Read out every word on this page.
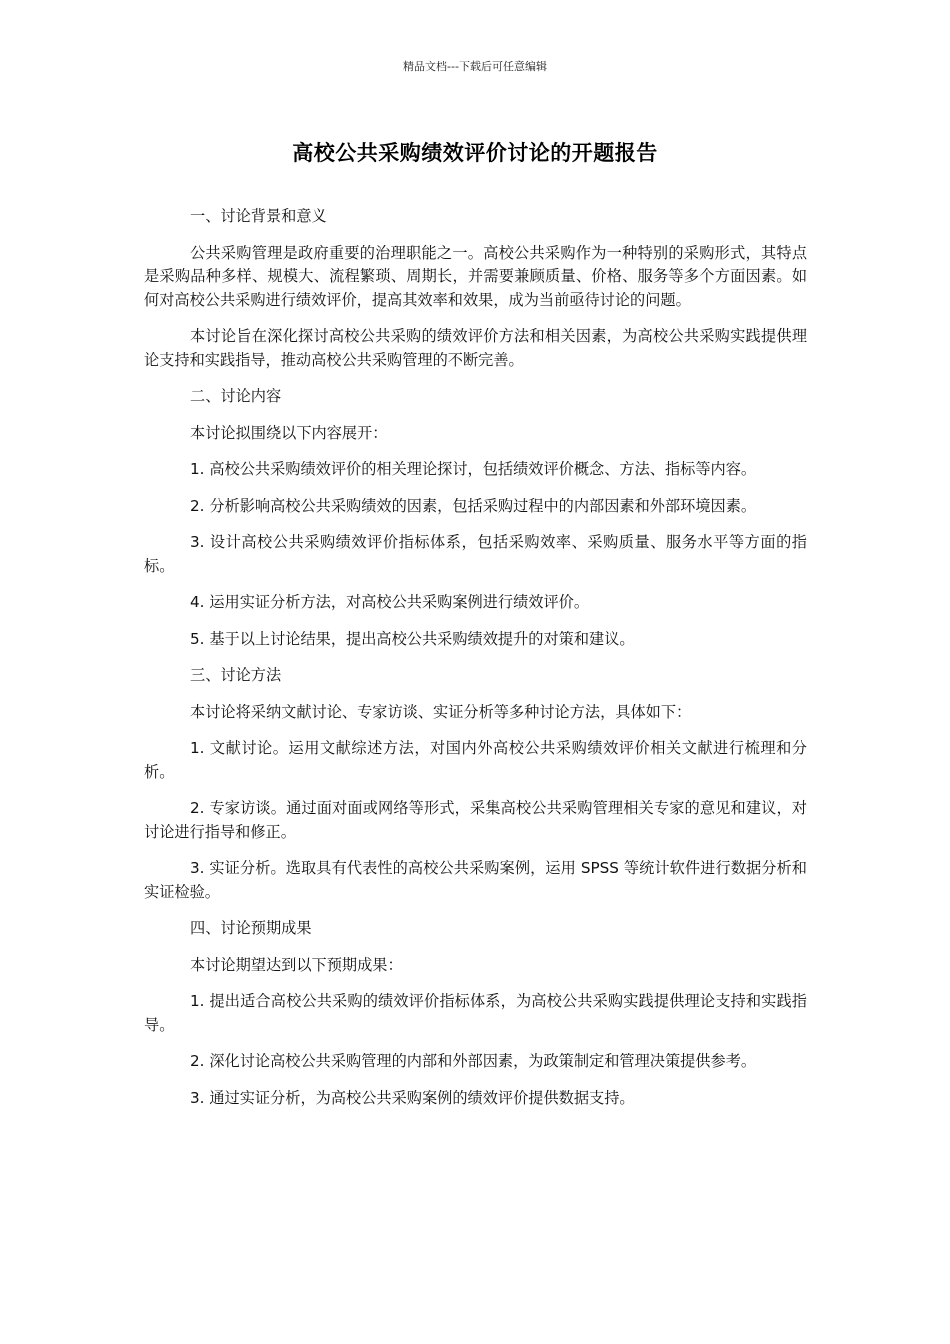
精品文档---下载后可任意编辑
高校公共采购绩效评价讨论的开题报告

一、讨论背景和意义

公共采购管理是政府重要的治理职能之一。高校公共采购作为一种特别的采购形式，其特点是采购品种多样、规模大、流程繁琐、周期长，并需要兼顾质量、价格、服务等多个方面因素。如何对高校公共采购进行绩效评价，提高其效率和效果，成为当前亟待讨论的问题。

本讨论旨在深化探讨高校公共采购的绩效评价方法和相关因素，为高校公共采购实践提供理论支持和实践指导，推动高校公共采购管理的不断完善。

二、讨论内容

本讨论拟围绕以下内容展开：

1. 高校公共采购绩效评价的相关理论探讨，包括绩效评价概念、方法、指标等内容。

2. 分析影响高校公共采购绩效的因素，包括采购过程中的内部因素和外部环境因素。

3. 设计高校公共采购绩效评价指标体系，包括采购效率、采购质量、服务水平等方面的指标。

4. 运用实证分析方法，对高校公共采购案例进行绩效评价。

5. 基于以上讨论结果，提出高校公共采购绩效提升的对策和建议。

三、讨论方法

本讨论将采纳文献讨论、专家访谈、实证分析等多种讨论方法，具体如下：

1. 文献讨论。运用文献综述方法，对国内外高校公共采购绩效评价相关文献进行梳理和分析。

2. 专家访谈。通过面对面或网络等形式，采集高校公共采购管理相关专家的意见和建议，对讨论进行指导和修正。

3. 实证分析。选取具有代表性的高校公共采购案例，运用 SPSS 等统计软件进行数据分析和实证检验。

四、讨论预期成果

本讨论期望达到以下预期成果：

1. 提出适合高校公共采购的绩效评价指标体系，为高校公共采购实践提供理论支持和实践指导。

2. 深化讨论高校公共采购管理的内部和外部因素，为政策制定和管理决策提供参考。

3. 通过实证分析，为高校公共采购案例的绩效评价提供数据支持。
